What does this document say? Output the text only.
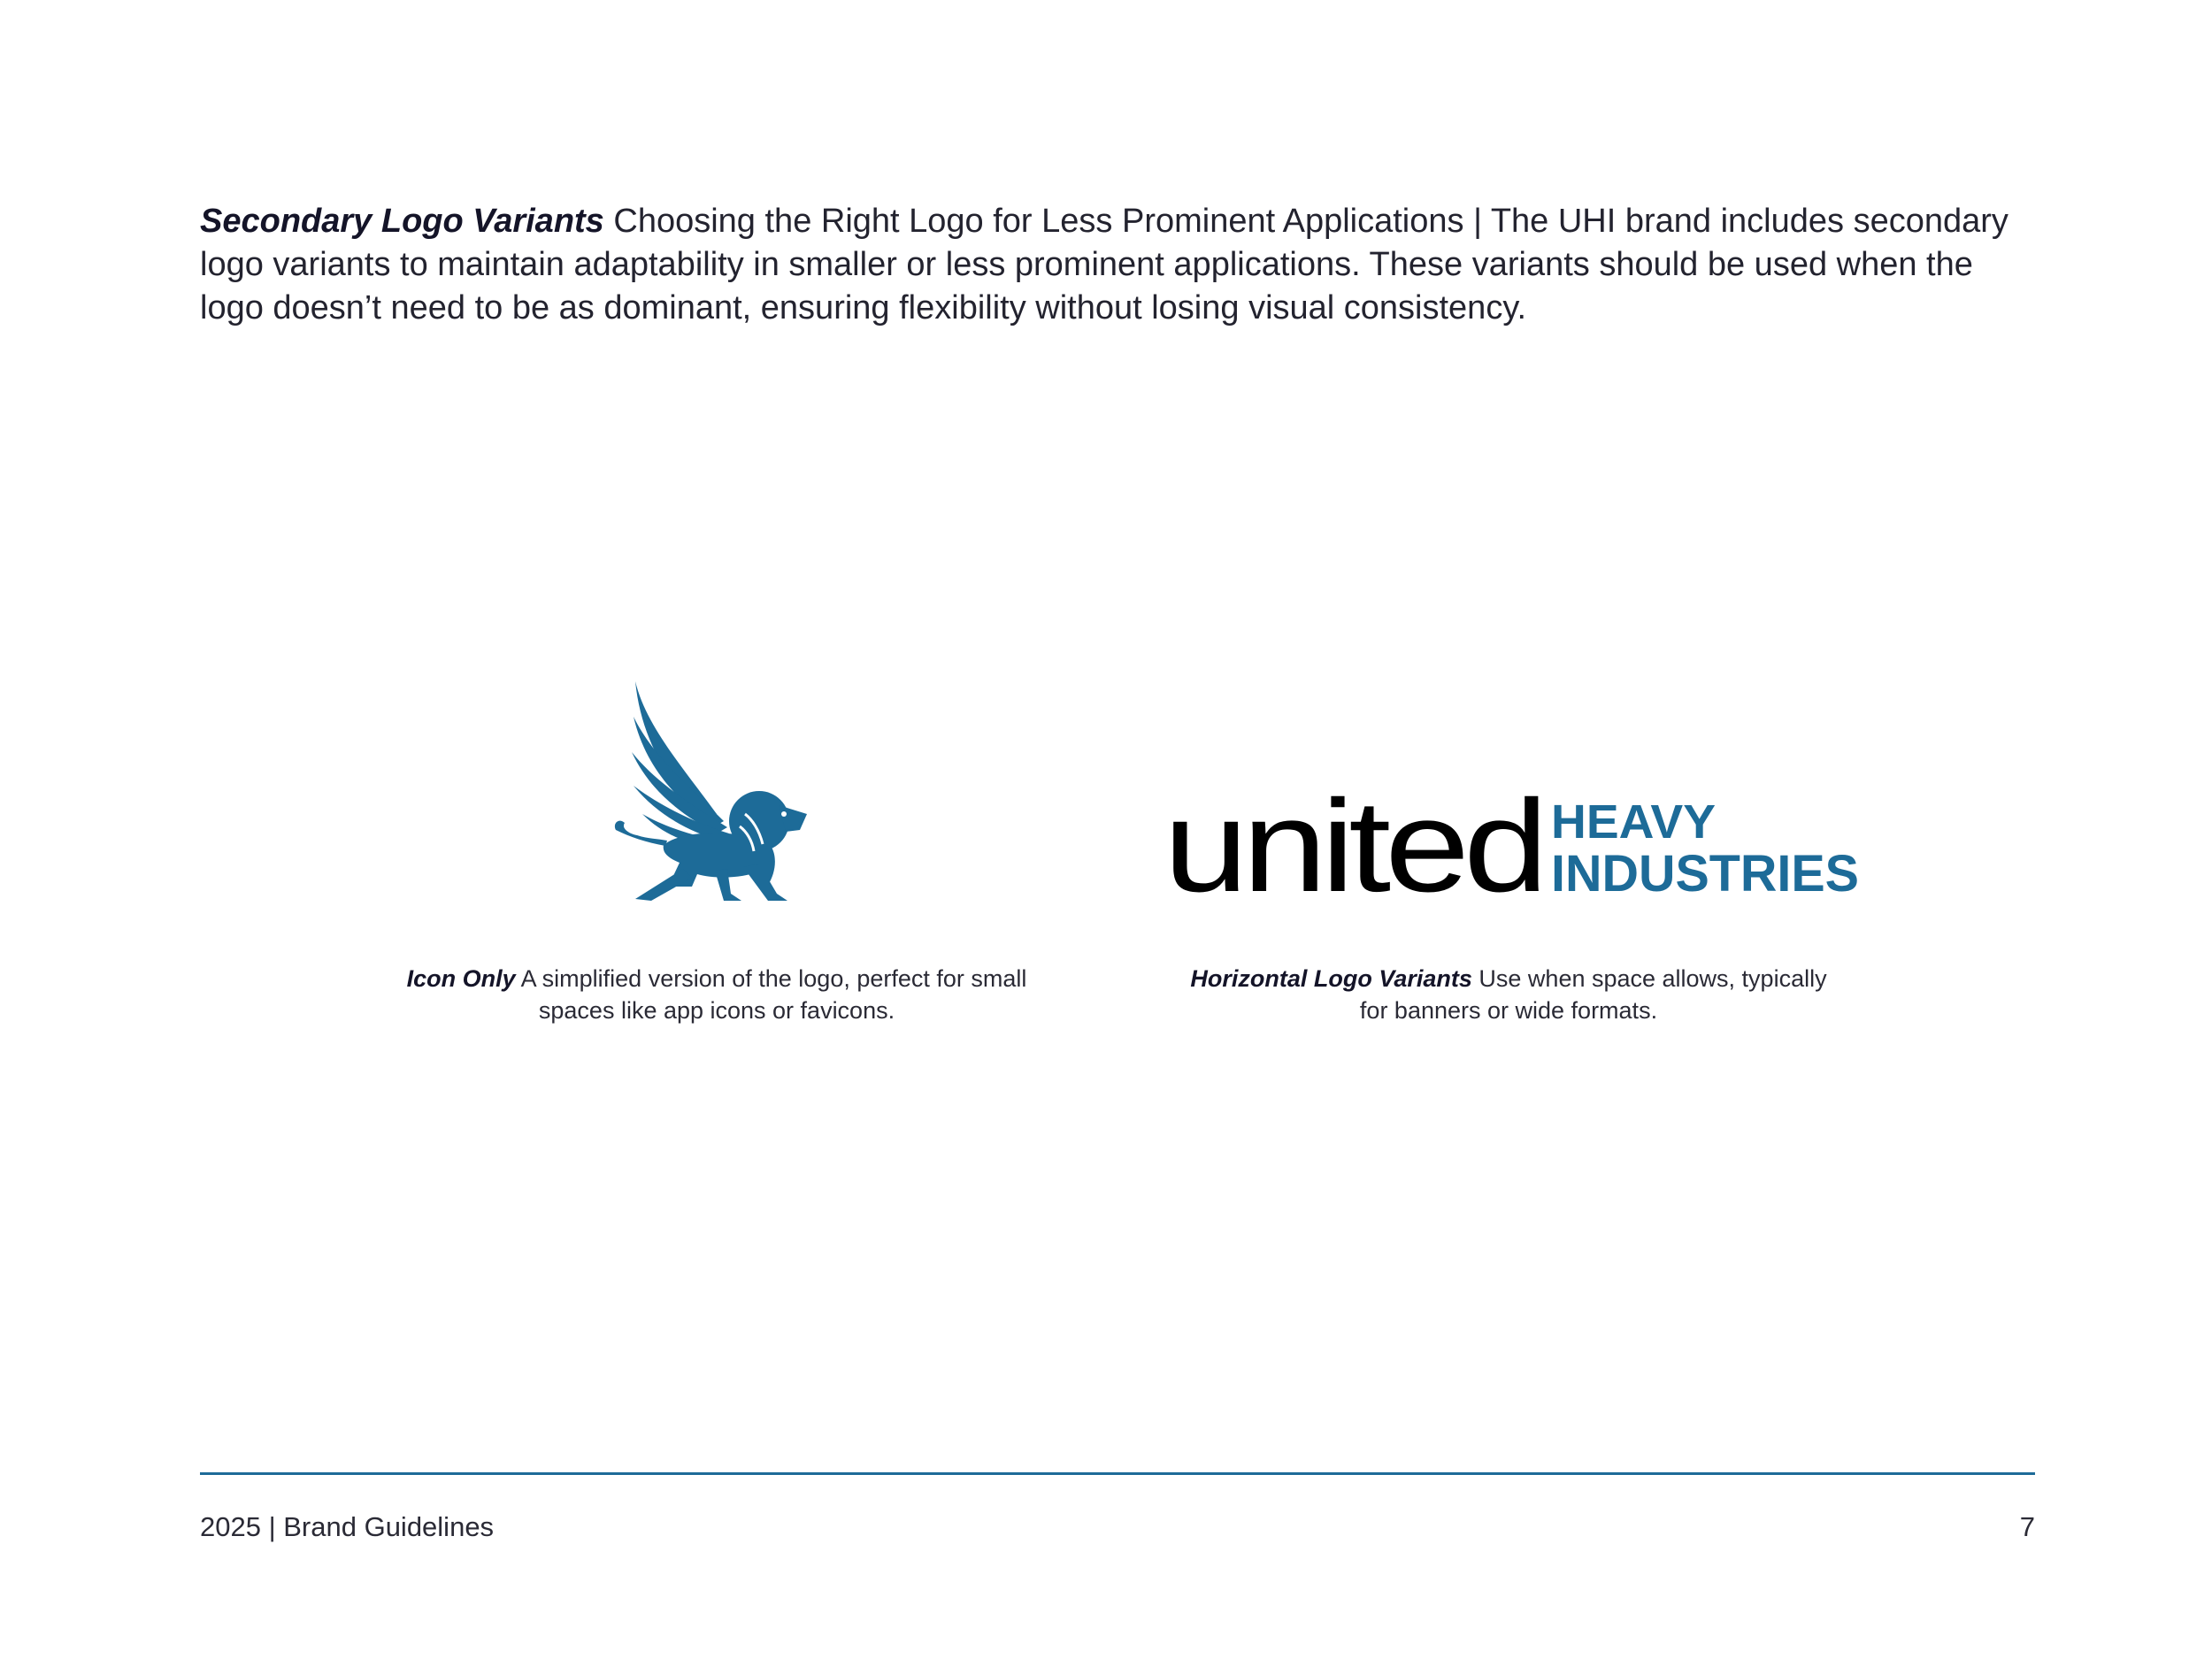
Secondary Logo Variants Choosing the Right Logo for Less Prominent Applications | The UHI brand includes secondary logo variants to maintain adaptability in smaller or less prominent applications. These variants should be used when the logo doesn’t need to be as dominant, ensuring flexibility without losing visual consistency.

united HEAVY
INDUSTRIES

Icon Only A simplified version of the logo, perfect for small spaces like app icons or favicons.

Horizontal Logo Variants Use when space allows, typically for banners or wide formats.

2025 | Brand Guidelines	7
